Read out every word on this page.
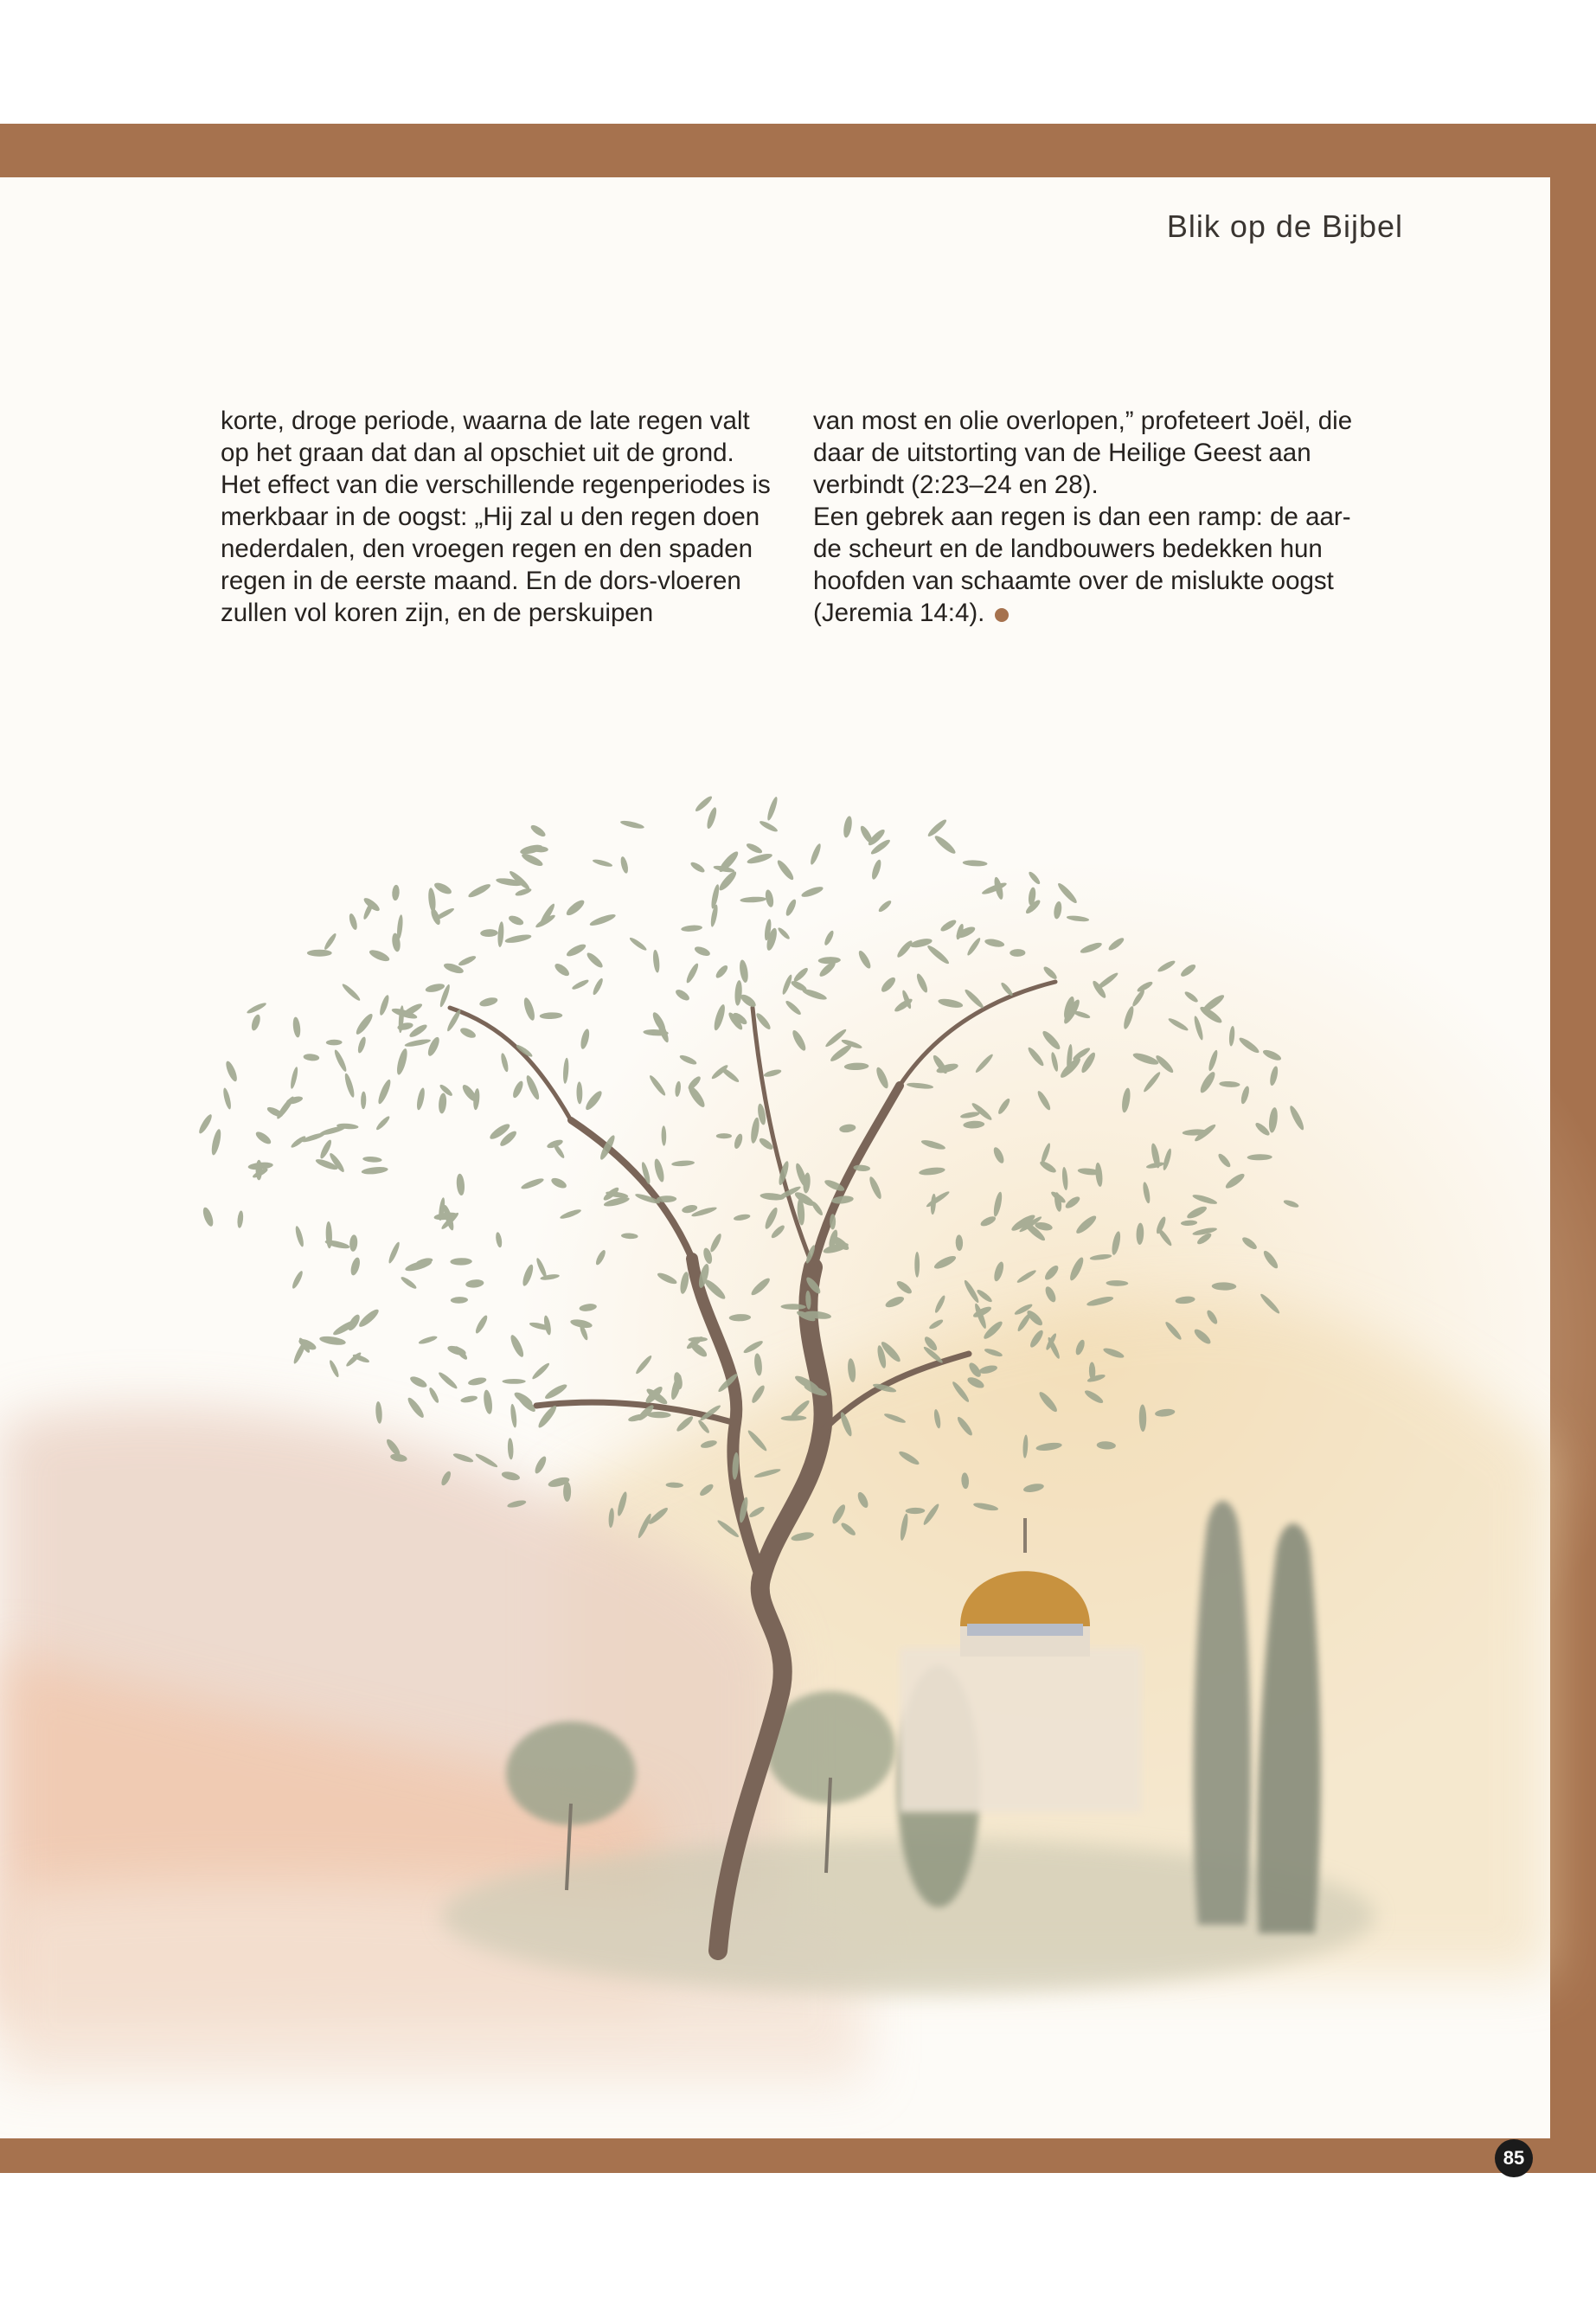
Blik op de Bijbel

korte, droge periode, waarna de late regen valt op het graan dat dan al opschiet uit de grond. Het effect van die verschillende regenperiodes is merkbaar in de oogst: „Hij zal u den regen doen nederdalen, den vroegen regen en den spaden regen in de eerste maand. En de dors-vloeren zullen vol koren zijn, en de perskuipen

van most en olie overlopen,” profeteert Joël, die daar de uitstorting van de Heilige Geest aan verbindt (2:23–24 en 28).

Een gebrek aan regen is dan een ramp: de aar-de scheurt en de landbouwers bedekken hun hoofden van schaamte over de mislukte oogst (Jeremia 14:4).

85
